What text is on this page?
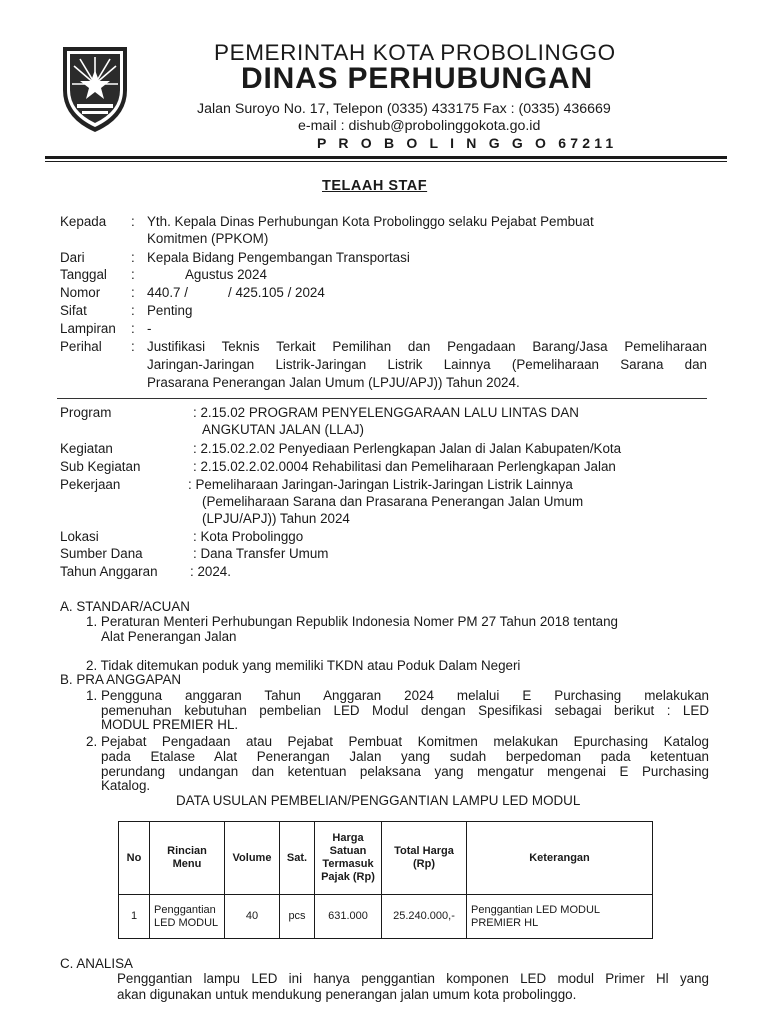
PEMERINTAH KOTA PROBOLINGGO
DINAS PERHUBUNGAN
Jalan Suroyo No. 17, Telepon (0335) 433175 Fax : (0335) 436669
e-mail : dishub@probolinggokota.go.id
P R O B O L I N G G O 67211
TELAAH STAF
Kepada : Yth. Kepala Dinas Perhubungan Kota Probolinggo selaku Pejabat Pembuat
Komitmen (PPKOM)
Dari	: Kepala Bidang Pengembangan Transportasi
Tanggal :	Agustus 2024
Nomor : 440.7 /	/ 425.105 / 2024
Sifat	: Penting
Lampiran : -
Perihal : Justifikasi Teknis Terkait Pemilihan dan Pengadaan Barang/Jasa Pemeliharaan
Jaringan-Jaringan Listrik-Jaringan Listrik Lainnya (Pemeliharaan Sarana dan
Prasarana Penerangan Jalan Umum (LPJU/APJ)) Tahun 2024.
Program	: 2.15.02 PROGRAM PENYELENGGARAAN LALU LINTAS DAN
ANGKUTAN JALAN (LLAJ)
Kegiatan	: 2.15.02.2.02 Penyediaan Perlengkapan Jalan di Jalan Kabupaten/Kota
Sub Kegiatan	: 2.15.02.2.02.0004 Rehabilitasi dan Pemeliharaan Perlengkapan Jalan
Pekerjaan	: Pemeliharaan Jaringan-Jaringan Listrik-Jaringan Listrik Lainnya
(Pemeliharaan Sarana dan Prasarana Penerangan Jalan Umum
(LPJU/APJ)) Tahun 2024
Lokasi	: Kota Probolinggo
Sumber Dana	: Dana Transfer Umum
Tahun Anggaran : 2024.
A. STANDAR/ACUAN
1. Peraturan Menteri Perhubungan Republik Indonesia Nomer PM 27 Tahun 2018 tentang
Alat Penerangan Jalan
2. Tidak ditemukan poduk yang memiliki TKDN atau Poduk Dalam Negeri
B. PRA ANGGAPAN
1. Pengguna anggaran Tahun Anggaran 2024 melalui E Purchasing melakukan
pemenuhan kebutuhan pembelian LED Modul dengan Spesifikasi sebagai berikut : LED
MODUL PREMIER HL.
2. Pejabat Pengadaan atau Pejabat Pembuat Komitmen melakukan Epurchasing Katalog
pada Etalase Alat Penerangan Jalan yang sudah berpedoman pada ketentuan
perundang undangan dan ketentuan pelaksana yang mengatur mengenai E Purchasing
Katalog.
DATA USULAN PEMBELIAN/PENGGANTIAN LAMPU LED MODUL
No	Rincian Menu	Volume	Sat.	Harga Satuan Termasuk Pajak (Rp)	Total Harga (Rp)	Keterangan
1	Penggantian LED MODUL	40	pcs	631.000	25.240.000,-	Penggantian LED MODUL PREMIER HL
C. ANALISA
Penggantian lampu LED ini hanya penggantian komponen LED modul Primer Hl yang
akan digunakan untuk mendukung penerangan jalan umum kota probolinggo.
